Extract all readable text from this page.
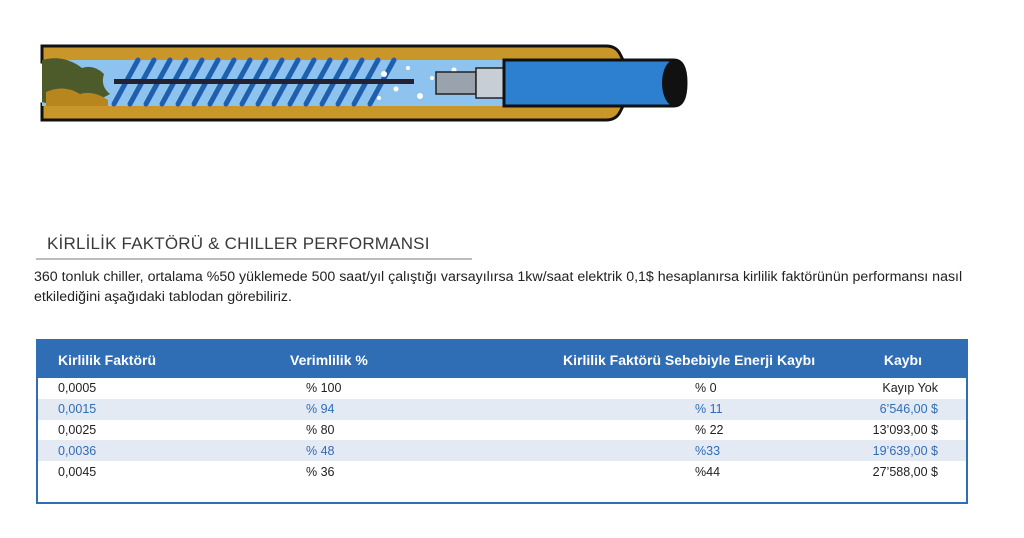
KİRLİLİK FAKTÖRÜ & CHILLER PERFORMANSI

360 tonluk chiller, ortalama %50 yüklemede 500 saat/yıl çalıştığı varsayılırsa 1kw/saat elektrik 0,1$ hesaplanırsa kirlilik faktörünün performansı nasıl etkilediğini aşağıdaki tablodan görebiliriz.

Kirlilik Faktörü	Verimlilik %	Kirlilik Faktörü Sebebiyle Enerji Kaybı	Kaybı
0,0005	% 100	% 0	Kayıp Yok
0,0015	% 94	% 11	6’546,00 $
0,0025	% 80	% 22	13’093,00 $
0,0036	% 48	%33	19’639,00 $
0,0045	% 36	%44	27’588,00 $
